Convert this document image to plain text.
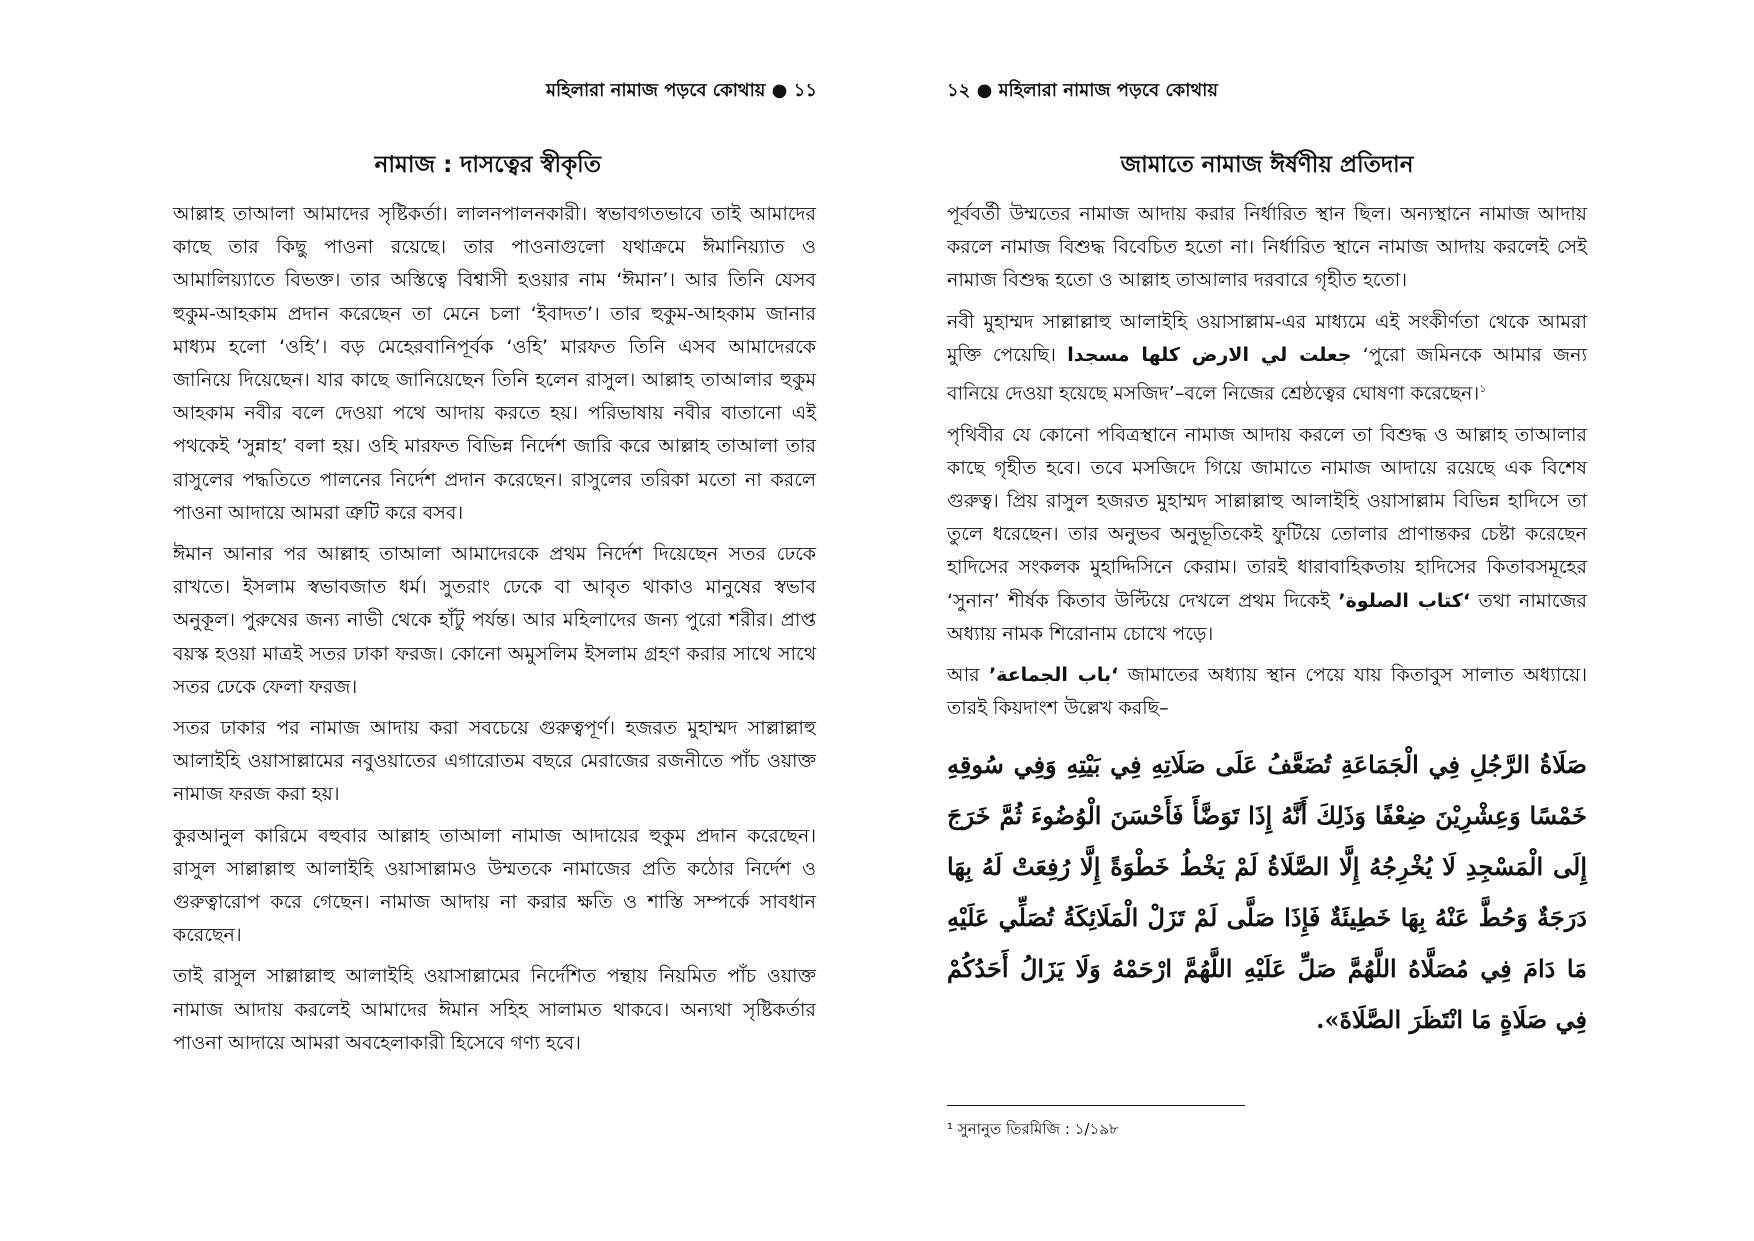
মহিলারা নামাজ পড়বে কোথায় ● ১১
নামাজ : দাসত্বের স্বীকৃতি

আল্লাহ তাআলা আমাদের সৃষ্টিকর্তা। লালনপালনকারী। স্বভাবগতভাবে তাই আমাদের কাছে তার কিছু পাওনা রয়েছে। তার পাওনাগুলো যথাক্রমে ঈমানিয়্যাত ও আমালিয়্যাতে বিভক্ত। তার অস্তিত্বে বিশ্বাসী হওয়ার নাম ‘ঈমান’। আর তিনি যেসব হুকুম-আহকাম প্রদান করেছেন তা মেনে চলা ‘ইবাদত’। তার হুকুম-আহকাম জানার মাধ্যম হলো ‘ওহি’। বড় মেহেরবানিপূর্বক ‘ওহি’ মারফত তিনি এসব আমাদেরকে জানিয়ে দিয়েছেন। যার কাছে জানিয়েছেন তিনি হলেন রাসুল। আল্লাহ তাআলার হুকুম আহকাম নবীর বলে দেওয়া পথে আদায় করতে হয়। পরিভাষায় নবীর বাতানো এই পথকেই ‘সুন্নাহ’ বলা হয়। ওহি মারফত বিভিন্ন নির্দেশ জারি করে আল্লাহ তাআলা তার রাসুলের পদ্ধতিতে পালনের নির্দেশ প্রদান করেছেন। রাসুলের তরিকা মতো না করলে পাওনা আদায়ে আমরা ত্রুটি করে বসব।

ঈমান আনার পর আল্লাহ তাআলা আমাদেরকে প্রথম নির্দেশ দিয়েছেন সতর ঢেকে রাখতে। ইসলাম স্বভাবজাত ধর্ম। সুতরাং ঢেকে বা আবৃত থাকাও মানুষের স্বভাব অনুকূল। পুরুষের জন্য নাভী থেকে হাঁটু পর্যন্ত। আর মহিলাদের জন্য পুরো শরীর। প্রাপ্ত বয়স্ক হওয়া মাত্রই সতর ঢাকা ফরজ। কোনো অমুসলিম ইসলাম গ্রহণ করার সাথে সাথে সতর ঢেকে ফেলা ফরজ।

সতর ঢাকার পর নামাজ আদায় করা সবচেয়ে গুরুত্বপূর্ণ। হজরত মুহাম্মদ সাল্লাল্লাহু আলাইহি ওয়াসাল্লামের নবুওয়াতের এগারোতম বছরে মেরাজের রজনীতে পাঁচ ওয়াক্ত নামাজ ফরজ করা হয়।

কুরআনুল কারিমে বহুবার আল্লাহ তাআলা নামাজ আদায়ের হুকুম প্রদান করেছেন। রাসুল সাল্লাল্লাহু আলাইহি ওয়াসাল্লামও উম্মতকে নামাজের প্রতি কঠোর নির্দেশ ও গুরুত্বারোপ করে গেছেন। নামাজ আদায় না করার ক্ষতি ও শাস্তি সম্পর্কে সাবধান করেছেন।

তাই রাসুল সাল্লাল্লাহু আলাইহি ওয়াসাল্লামের নির্দেশিত পন্থায় নিয়মিত পাঁচ ওয়াক্ত নামাজ আদায় করলেই আমাদের ঈমান সহিহ সালামত থাকবে। অন্যথা সৃষ্টিকর্তার পাওনা আদায়ে আমরা অবহেলাকারী হিসেবে গণ্য হবে।

১২ ● মহিলারা নামাজ পড়বে কোথায়
জামাতে নামাজ ঈর্ষণীয় প্রতিদান

পূর্ববর্তী উম্মতের নামাজ আদায় করার নির্ধারিত স্থান ছিল। অন্যস্থানে নামাজ আদায় করলে নামাজ বিশুদ্ধ বিবেচিত হতো না। নির্ধারিত স্থানে নামাজ আদায় করলেই সেই নামাজ বিশুদ্ধ হতো ও আল্লাহ তাআলার দরবারে গৃহীত হতো।

নবী মুহাম্মদ সাল্লাল্লাহু আলাইহি ওয়াসাল্লাম-এর মাধ্যমে এই সংকীর্ণতা থেকে আমরা মুক্তি পেয়েছি। جعلت لي الارض كلها مسجدا ‘পুরো জমিনকে আমার জন্য বানিয়ে দেওয়া হয়েছে মসজিদ’–বলে নিজের শ্রেষ্ঠত্বের ঘোষণা করেছেন।$^১$

পৃথিবীর যে কোনো পবিত্রস্থানে নামাজ আদায় করলে তা বিশুদ্ধ ও আল্লাহ তাআলার কাছে গৃহীত হবে। তবে মসজিদে গিয়ে জামাতে নামাজ আদায়ে রয়েছে এক বিশেষ গুরুত্ব। প্রিয় রাসুল হজরত মুহাম্মদ সাল্লাল্লাহু আলাইহি ওয়াসাল্লাম বিভিন্ন হাদিসে তা তুলে ধরেছেন। তার অনুভব অনুভূতিকেই ফুটিয়ে তোলার প্রাণান্তকর চেষ্টা করেছেন হাদিসের সংকলক মুহাদ্দিসিনে কেরাম। তারই ধারাবাহিকতায় হাদিসের কিতাবসমূহের ‘সুনান’ শীর্ষক কিতাব উল্টিয়ে দেখলে প্রথম দিকেই ‘كتاب الصلوة’ তথা নামাজের অধ্যায় নামক শিরোনাম চোখে পড়ে।

আর ‘باب الجماعة’ জামাতের অধ্যায় স্থান পেয়ে যায় কিতাবুস সালাত অধ্যায়ে। তারই কিয়দাংশ উল্লেখ করছি–

صَلَاةُ الرَّجُلِ فِي الْجَمَاعَةِ تُضَعَّفُ عَلَى صَلَاتِهِ فِي بَيْتِهِ وَفِي سُوقِهِ خَمْسًا وَعِشْرِيْنَ ضِعْفًا وَذَلِكَ أَنَّهُ إِذَا تَوَضَّأَ فَأَحْسَنَ الْوُضُوءَ ثُمَّ خَرَجَ إِلَى الْمَسْجِدِ لَا يُخْرِجُهُ إِلَّا الصَّلَاةُ لَمْ يَخْطُ خَطْوَةً إِلَّا رُفِعَتْ لَهُ بِهَا دَرَجَةٌ وَحُطَّ عَنْهُ بِهَا خَطِيئَةٌ فَإِذَا صَلَّى لَمْ تَزَلْ الْمَلَائِكَةُ تُصَلِّي عَلَيْهِ مَا دَامَ فِي مُصَلَّاهُ اللَّهُمَّ صَلِّ عَلَيْهِ اللَّهُمَّ ارْحَمْهُ وَلَا يَزَالُ أَحَدُكُمْ فِي صَلَاةٍ مَا انْتَظَرَ الصَّلَاةَ».
¹ সুনানুত তিরমিজি : ১/১৯৮
